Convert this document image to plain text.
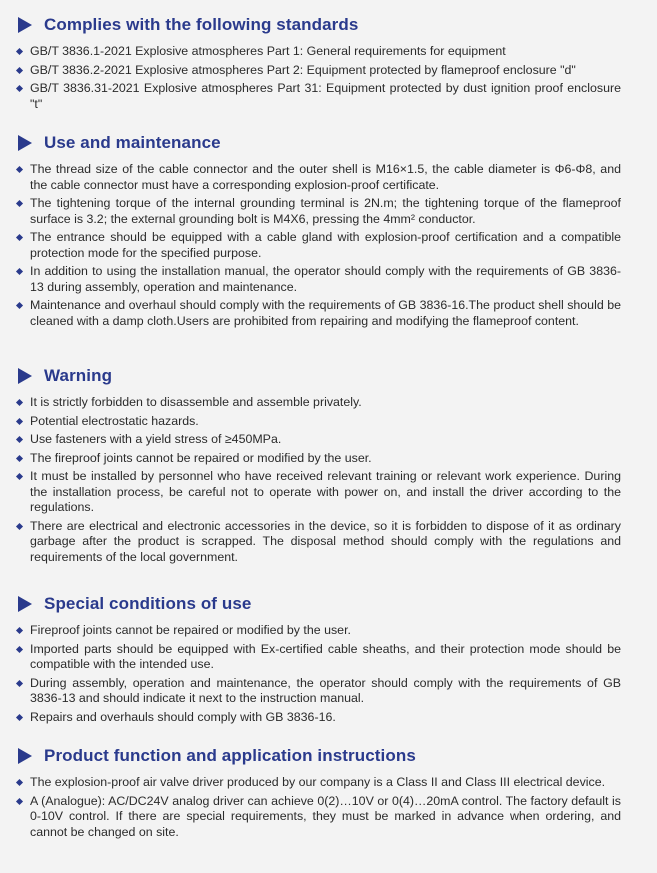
Complies with the following standards
GB/T 3836.1-2021 Explosive atmospheres Part 1: General requirements for equipment
GB/T 3836.2-2021 Explosive atmospheres Part 2: Equipment protected by flameproof enclosure "d"
GB/T 3836.31-2021 Explosive atmospheres Part 31: Equipment protected by dust ignition proof enclosure "t"
Use and maintenance
The thread size of the cable connector and the outer shell is M16×1.5, the cable diameter is Φ6-Φ8, and the cable connector must have a corresponding explosion-proof certificate.
The tightening torque of the internal grounding terminal is 2N.m; the tightening torque of the flameproof surface is 3.2; the external grounding bolt is M4X6, pressing the 4mm² conductor.
The entrance should be equipped with a cable gland with explosion-proof certification and a compatible protection mode for the specified purpose.
In addition to using the installation manual, the operator should comply with the requirements of GB 3836-13 during assembly, operation and maintenance.
Maintenance and overhaul should comply with the requirements of GB 3836-16.The product shell should be cleaned with a damp cloth.Users are prohibited from repairing and modifying the flameproof content.
Warning
It is strictly forbidden to disassemble and assemble privately.
Potential electrostatic hazards.
Use fasteners with a yield stress of ≥450MPa.
The fireproof joints cannot be repaired or modified by the user.
It must be installed by personnel who have received relevant training or relevant work experience. During the installation process, be careful not to operate with power on, and install the driver according to the regulations.
There are electrical and electronic accessories in the device, so it is forbidden to dispose of it as ordinary garbage after the product is scrapped. The disposal method should comply with the regulations and requirements of the local government.
Special conditions of use
Fireproof joints cannot be repaired or modified by the user.
Imported parts should be equipped with Ex-certified cable sheaths, and their protection mode should be compatible with the intended use.
During assembly, operation and maintenance, the operator should comply with the requirements of GB 3836-13 and should indicate it next to the instruction manual.
Repairs and overhauls should comply with GB 3836-16.
Product function and application instructions
The explosion-proof air valve driver produced by our company is a Class II and Class III electrical device.
A (Analogue): AC/DC24V analog driver can achieve 0(2)…10V or 0(4)…20mA control. The factory default is 0-10V control. If there are special requirements, they must be marked in advance when ordering, and cannot be changed on site.
